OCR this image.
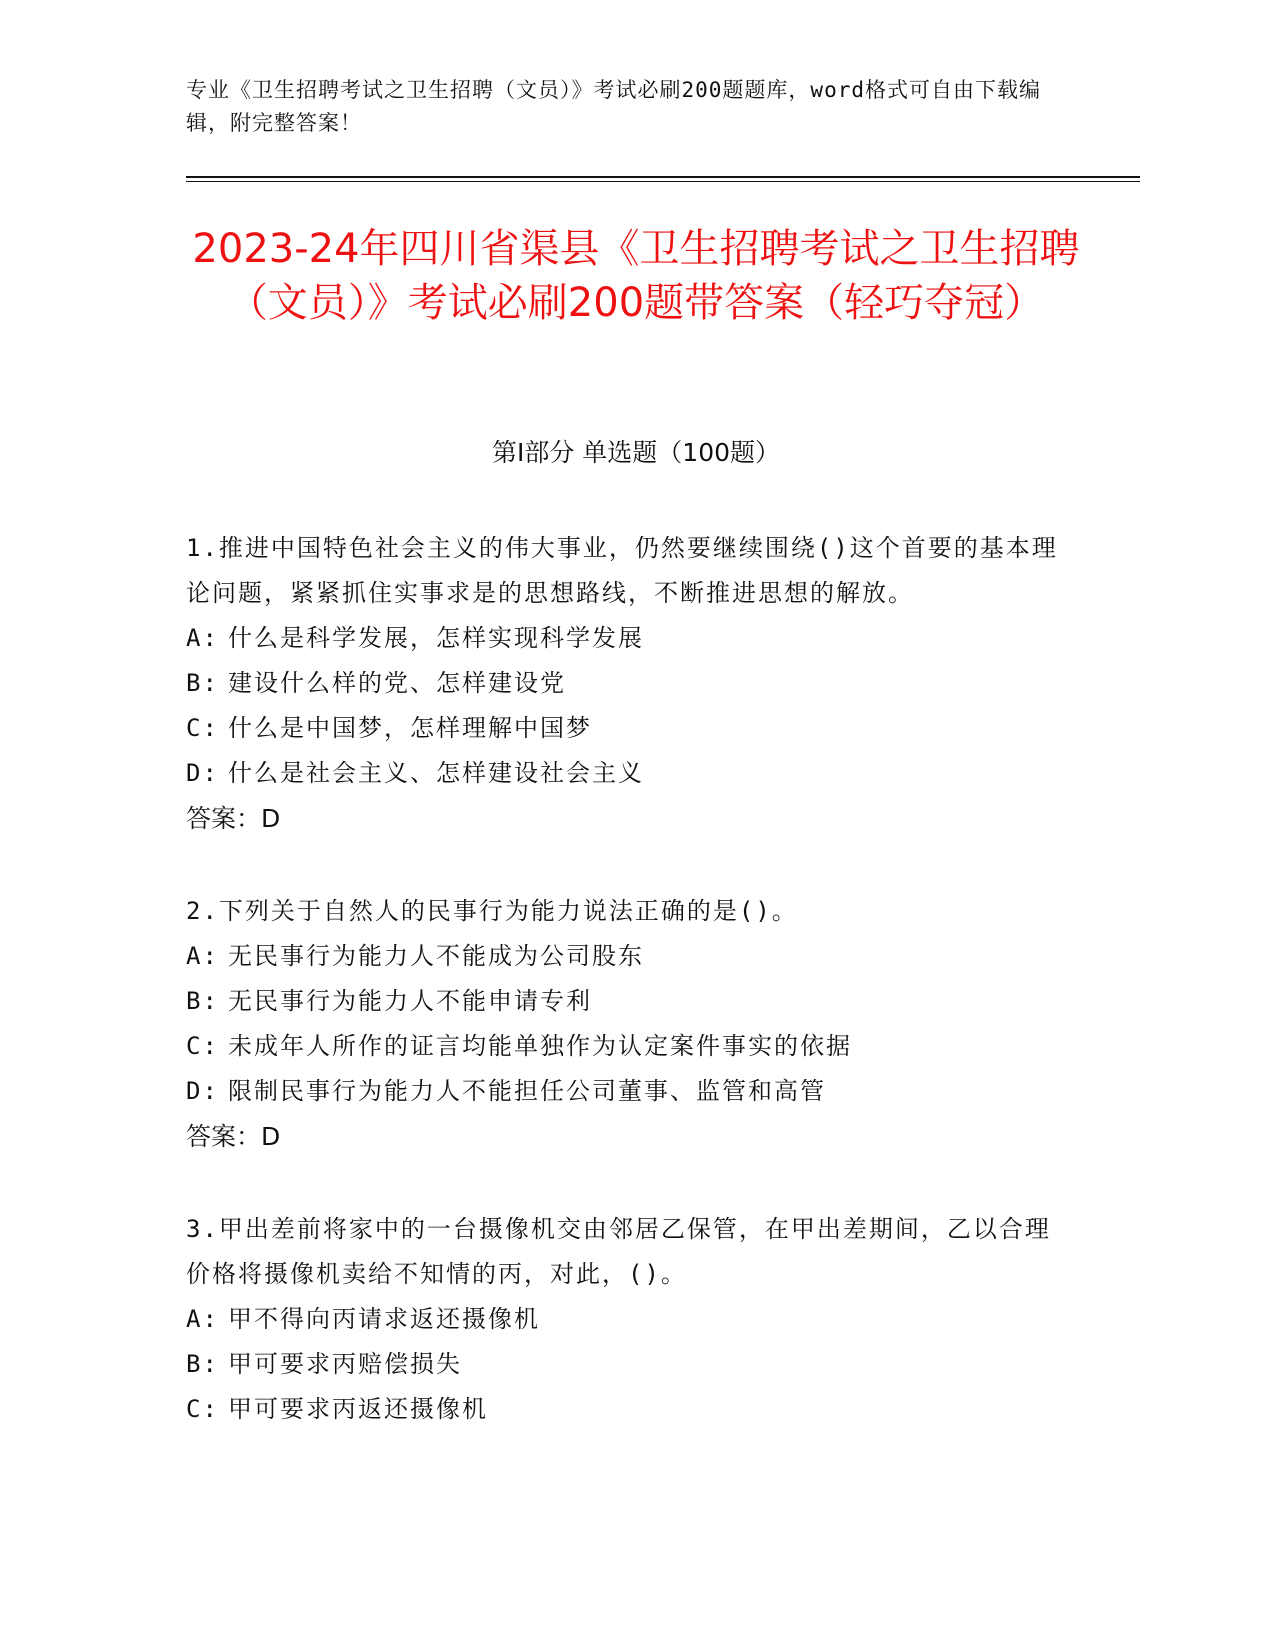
专业《卫生招聘考试之卫生招聘（文员）》考试必刷200题题库，word格式可自由下载编辑，附完整答案！
2023-24年四川省渠县《卫生招聘考试之卫生招聘（文员）》考试必刷200题带答案（轻巧夺冠）
第Ⅰ部分 单选题（100题）
1.推进中国特色社会主义的伟大事业，仍然要继续围绕()这个首要的基本理论问题，紧紧抓住实事求是的思想路线，不断推进思想的解放。
A: 什么是科学发展，怎样实现科学发展
B: 建设什么样的党、怎样建设党
C: 什么是中国梦，怎样理解中国梦
D: 什么是社会主义、怎样建设社会主义
答案：D
2.下列关于自然人的民事行为能力说法正确的是()。
A: 无民事行为能力人不能成为公司股东
B: 无民事行为能力人不能申请专利
C: 未成年人所作的证言均能单独作为认定案件事实的依据
D: 限制民事行为能力人不能担任公司董事、监管和高管
答案：D
3.甲出差前将家中的一台摄像机交由邻居乙保管，在甲出差期间，乙以合理价格将摄像机卖给不知情的丙，对此，()。
A: 甲不得向丙请求返还摄像机
B: 甲可要求丙赔偿损失
C: 甲可要求丙返还摄像机
